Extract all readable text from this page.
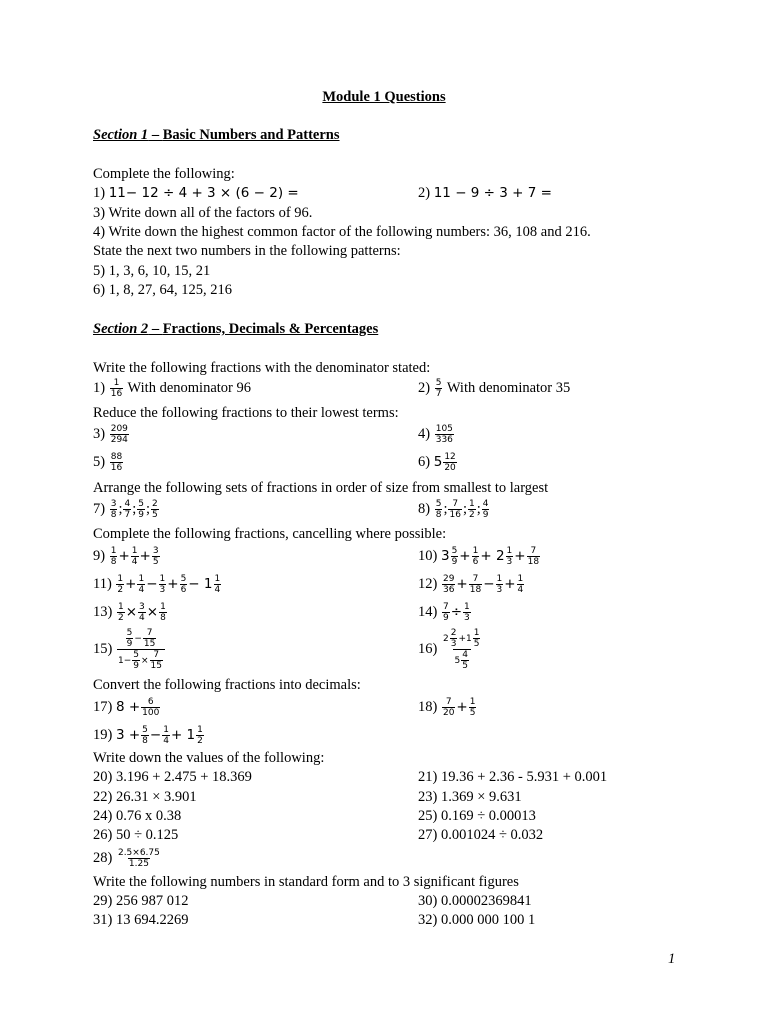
Module 1 Questions
Section 1 – Basic Numbers and Patterns
Complete the following:
1) 11− 12 ÷ 4 + 3 × (6 − 2) =	2) 11 − 9 ÷ 3 + 7 =
3) Write down all of the factors of 96.
4) Write down the highest common factor of the following numbers: 36, 108 and 216.
State the next two numbers in the following patterns:
5) 1, 3, 6, 10, 15, 21
6) 1, 8, 27, 64, 125, 216
Section 2 – Fractions, Decimals & Percentages
Write the following fractions with the denominator stated:
$1) \frac{1}{16}$ With denominator 96	$2) \frac{5}{7}$ With denominator 35
Reduce the following fractions to their lowest terms:
$3) \frac{209}{294}$	$4) \frac{105}{336}$
$5) \frac{88}{16}$	6) $5 \frac{12}{20}$
Arrange the following sets of fractions in order of size from smallest to largest
$7) \frac{3}{8}$ ; $\frac{4}{7}$ ; $\frac{5}{9}$ ; $\frac{2}{5}$	$8) \frac{5}{8}$ ; $\frac{7}{16}$ ; $\frac{1}{2}$ ; $\frac{4}{9}$
Complete the following fractions, cancelling where possible:
$9) \frac{1}{8} + \frac{1}{4} + \frac{3}{5}$	10) $3 \frac{5}{9} + \frac{1}{6} + 2 \frac{1}{3} + \frac{7}{18}$
$11) \frac{1}{2} + \frac{1}{4} - \frac{1}{3} + \frac{5}{6} - 1 \frac{1}{4}$	$12) \frac{29}{36} + \frac{7}{18} - \frac{1}{3} + \frac{1}{4}$
$13) \frac{1}{2} \times \frac{3}{4} \times \frac{1}{8}$	$14) \frac{7}{9} \div \frac{1}{3}$
$15) \frac{\frac{5}{9} - \frac{7}{15}}{1- \frac{5}{9} \times \frac{7}{15}}$	$16) \frac{2 \frac{2}{3} +1 \frac{1}{5}}{5 \frac{4}{5}}$
Convert the following fractions into decimals:
17) $8 + \frac{6}{100}$	$18) \frac{7}{20} + \frac{1}{5}$
19) $3 + \frac{5}{8} - \frac{1}{4} + 1 \frac{1}{2}$
Write down the values of the following:
20) 3.196 + 2.475 + 18.369	21) 19.36 + 2.36 - 5.931 + 0.001
22) 26.31 × 3.901	23) 1.369 × 9.631
24) 0.76 x 0.38	25) 0.169 ÷ 0.00013
26) 50 ÷ 0.125	27) 0.001024 ÷ 0.032
$28) \frac{2.5\times 6.75}{1.25}$
Write the following numbers in standard form and to 3 significant figures
29) 256 987 012	30) 0.00002369841
31) 13 694.2269	32) 0.000 000 100 1
1
